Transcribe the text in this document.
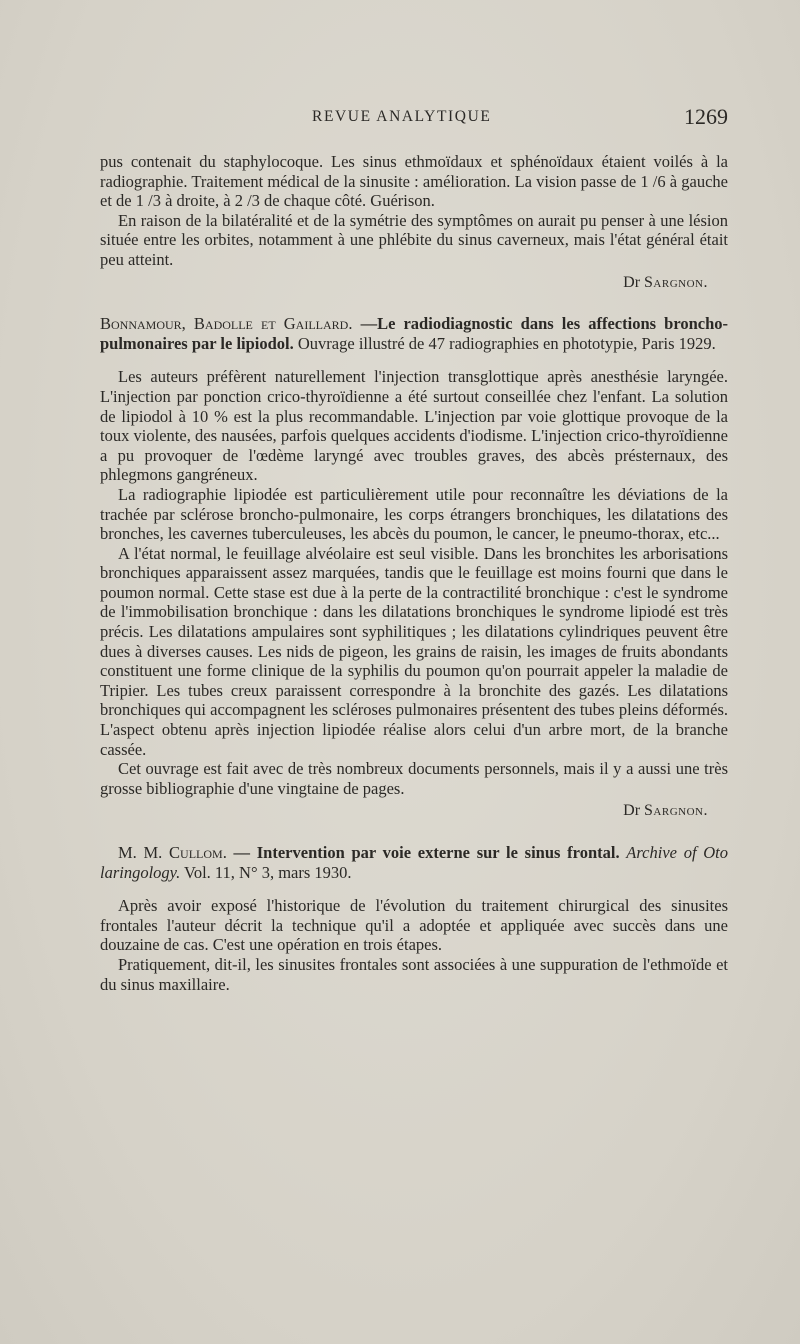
REVUE ANALYTIQUE	1269

pus contenait du staphylocoque. Les sinus ethmoïdaux et sphénoïdaux étaient voilés à la radiographie. Traitement médical de la sinusite : amélioration. La vision passe de 1 /6 à gauche et de 1 /3 à droite, à 2 /3 de chaque côté. Guérison.

En raison de la bilatéralité et de la symétrie des symptômes on aurait pu penser à une lésion située entre les orbites, notamment à une phlébite du sinus caverneux, mais l'état général était peu atteint.

Dr Sargnon.

Bonnamour, Badolle et Gaillard. —Le radiodiagnostic dans les affections broncho-pulmonaires par le lipiodol. Ouvrage illustré de 47 radiographies en phototypie, Paris 1929.

Les auteurs préfèrent naturellement l'injection transglottique après anesthésie laryngée. L'injection par ponction crico-thyroïdienne a été surtout conseillée chez l'enfant. La solution de lipiodol à 10 % est la plus recommandable. L'injection par voie glottique provoque de la toux violente, des nausées, parfois quelques accidents d'iodisme. L'injection crico-thyroïdienne a pu provoquer de l'œdème laryngé avec troubles graves, des abcès présternaux, des phlegmons gangréneux.

La radiographie lipiodée est particulièrement utile pour reconnaître les déviations de la trachée par sclérose broncho-pulmonaire, les corps étrangers bronchiques, les dilatations des bronches, les cavernes tuberculeuses, les abcès du poumon, le cancer, le pneumo-thorax, etc...

A l'état normal, le feuillage alvéolaire est seul visible. Dans les bronchites les arborisations bronchiques apparaissent assez marquées, tandis que le feuillage est moins fourni que dans le poumon normal. Cette stase est due à la perte de la contractilité bronchique : c'est le syndrome de l'immobilisation bronchique : dans les dilatations bronchiques le syndrome lipiodé est très précis. Les dilatations ampulaires sont syphilitiques ; les dilatations cylindriques peuvent être dues à diverses causes. Les nids de pigeon, les grains de raisin, les images de fruits abondants constituent une forme clinique de la syphilis du poumon qu'on pourrait appeler la maladie de Tripier. Les tubes creux paraissent correspondre à la bronchite des gazés. Les dilatations bronchiques qui accompagnent les scléroses pulmonaires présentent des tubes pleins déformés. L'aspect obtenu après injection lipiodée réalise alors celui d'un arbre mort, de la branche cassée.

Cet ouvrage est fait avec de très nombreux documents personnels, mais il y a aussi une très grosse bibliographie d'une vingtaine de pages.

Dr Sargnon.

M. M. Cullom. — Intervention par voie externe sur le sinus frontal. Archive of Oto laringology. Vol. 11, N° 3, mars 1930.

Après avoir exposé l'historique de l'évolution du traitement chirurgical des sinusites frontales l'auteur décrit la technique qu'il a adoptée et appliquée avec succès dans une douzaine de cas. C'est une opération en trois étapes.

Pratiquement, dit-il, les sinusites frontales sont associées à une suppuration de l'ethmoïde et du sinus maxillaire.
